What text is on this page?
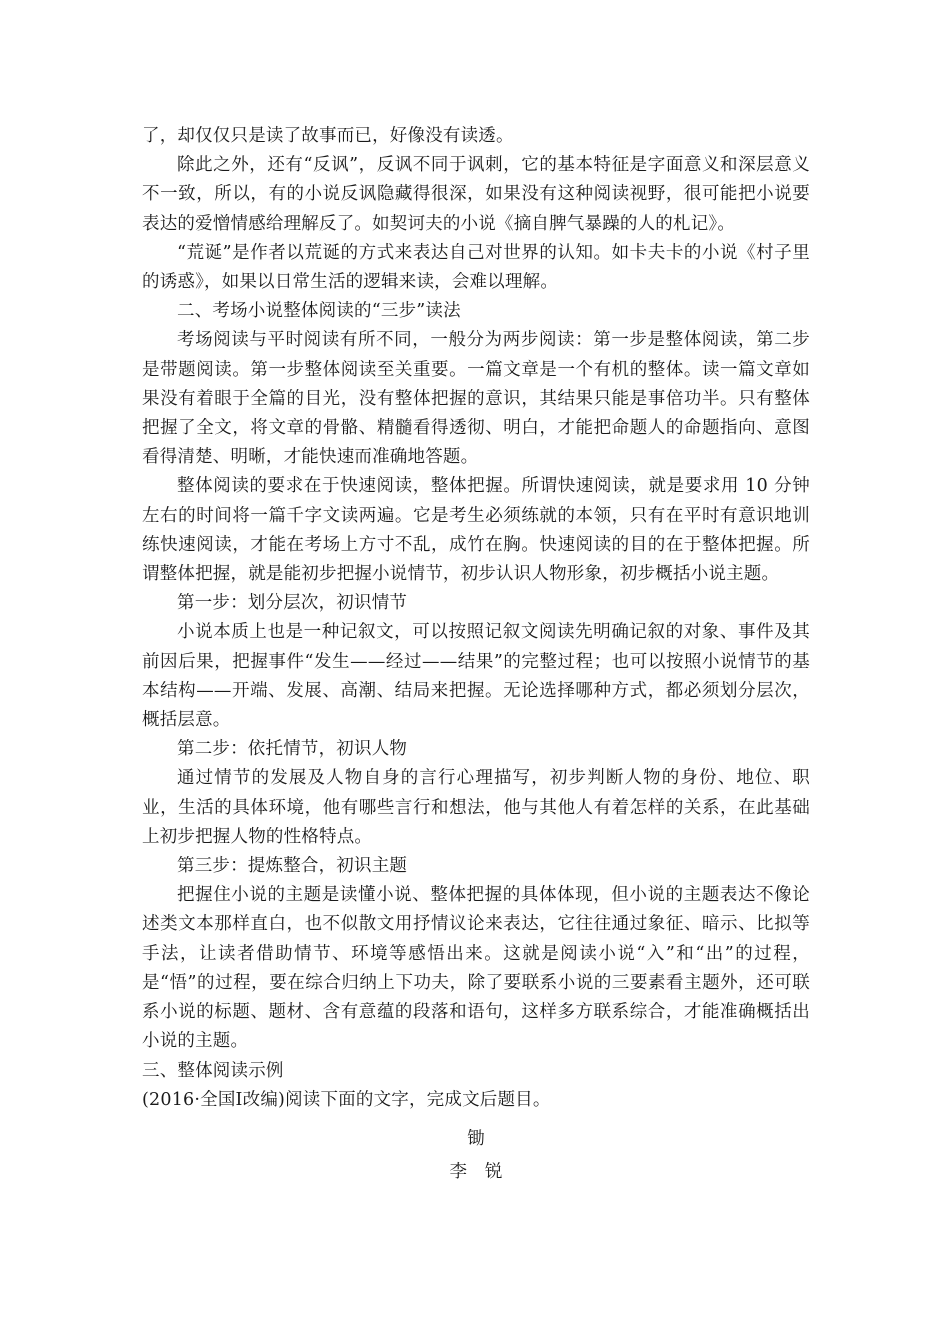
了，却仅仅只是读了故事而已，好像没有读透。

除此之外，还有“反讽”，反讽不同于讽刺，它的基本特征是字面意义和深层意义不一致，所以，有的小说反讽隐藏得很深，如果没有这种阅读视野，很可能把小说要表达的爱憎情感给理解反了。如契诃夫的小说《摘自脾气暴躁的人的札记》。

“荒诞”是作者以荒诞的方式来表达自己对世界的认知。如卡夫卡的小说《村子里的诱惑》，如果以日常生活的逻辑来读，会难以理解。

二、考场小说整体阅读的“三步”读法

考场阅读与平时阅读有所不同，一般分为两步阅读：第一步是整体阅读，第二步是带题阅读。第一步整体阅读至关重要。一篇文章是一个有机的整体。读一篇文章如果没有着眼于全篇的目光，没有整体把握的意识，其结果只能是事倍功半。只有整体把握了全文，将文章的骨骼、精髓看得透彻、明白，才能把命题人的命题指向、意图看得清楚、明晰，才能快速而准确地答题。

整体阅读的要求在于快速阅读，整体把握。所谓快速阅读，就是要求用 10 分钟左右的时间将一篇千字文读两遍。它是考生必须练就的本领，只有在平时有意识地训练快速阅读，才能在考场上方寸不乱，成竹在胸。快速阅读的目的在于整体把握。所谓整体把握，就是能初步把握小说情节，初步认识人物形象，初步概括小说主题。

第一步：划分层次，初识情节

小说本质上也是一种记叙文，可以按照记叙文阅读先明确记叙的对象、事件及其前因后果，把握事件“发生——经过——结果”的完整过程；也可以按照小说情节的基本结构——开端、发展、高潮、结局来把握。无论选择哪种方式，都必须划分层次，概括层意。

第二步：依托情节，初识人物

通过情节的发展及人物自身的言行心理描写，初步判断人物的身份、地位、职业，生活的具体环境，他有哪些言行和想法，他与其他人有着怎样的关系，在此基础上初步把握人物的性格特点。

第三步：提炼整合，初识主题

把握住小说的主题是读懂小说、整体把握的具体体现，但小说的主题表达不像论述类文本那样直白，也不似散文用抒情议论来表达，它往往通过象征、暗示、比拟等手法，让读者借助情节、环境等感悟出来。这就是阅读小说“入”和“出”的过程，是“悟”的过程，要在综合归纳上下功夫，除了要联系小说的三要素看主题外，还可联系小说的标题、题材、含有意蕴的段落和语句，这样多方联系综合，才能准确概括出小说的主题。

三、整体阅读示例

(2016·全国Ⅰ改编)阅读下面的文字，完成文后题目。

锄

李　锐
